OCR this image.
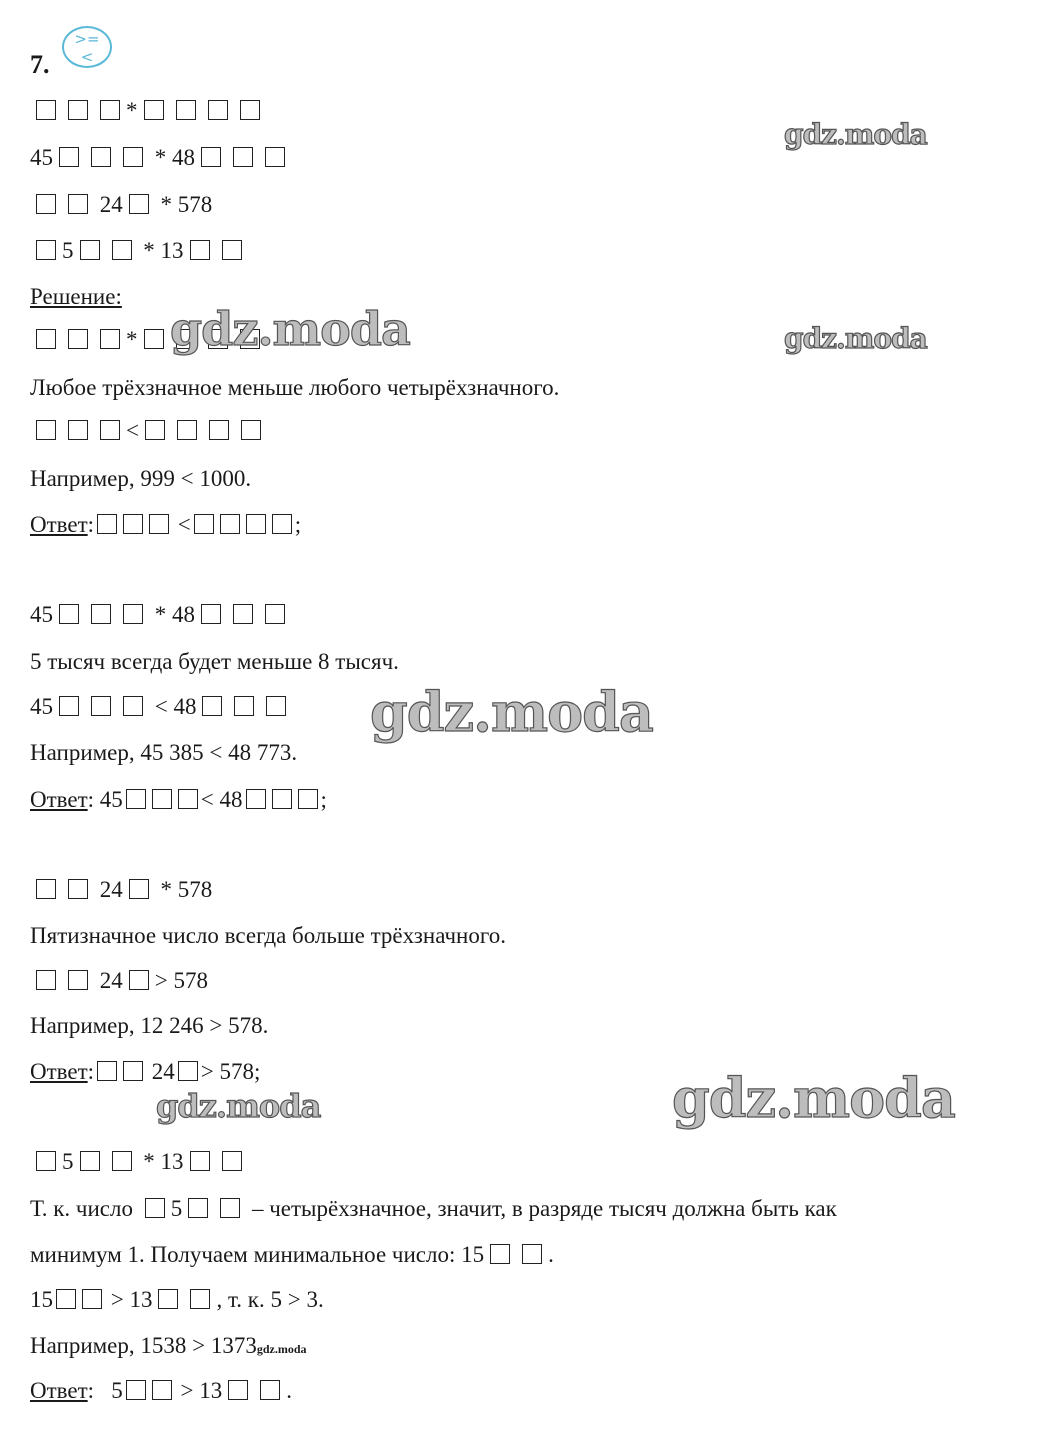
>=
<
7.
*
45	* 48
24 * 578
5	* 13
Решение:
*
Любое трёхзначное меньше любого четырёхзначного.
<
Например, 999 < 1000.
Ответ:	<	;
45	* 48
5 тысяч всегда будет меньше 8 тысяч.
45	< 48
Например, 45 385 < 48 773.
Ответ: 45	< 48	;
24 * 578
Пятизначное число всегда больше трёхзначного.
24 > 578
Например, 12 246 > 578.
Ответ:	24 > 578;
5	* 13
Т. к. число 5	– четырёхзначное, значит, в разряде тысяч должна быть как
минимум 1. Получаем минимальное число: 15	.
15	> 13	, т. к. 5 > 3.
Например, 1538 > 1373gdz.moda
Ответ:   5	> 13	.
gdz.moda
gdz.moda
gdz.moda
gdz.moda
gdz.moda	gdz.moda
